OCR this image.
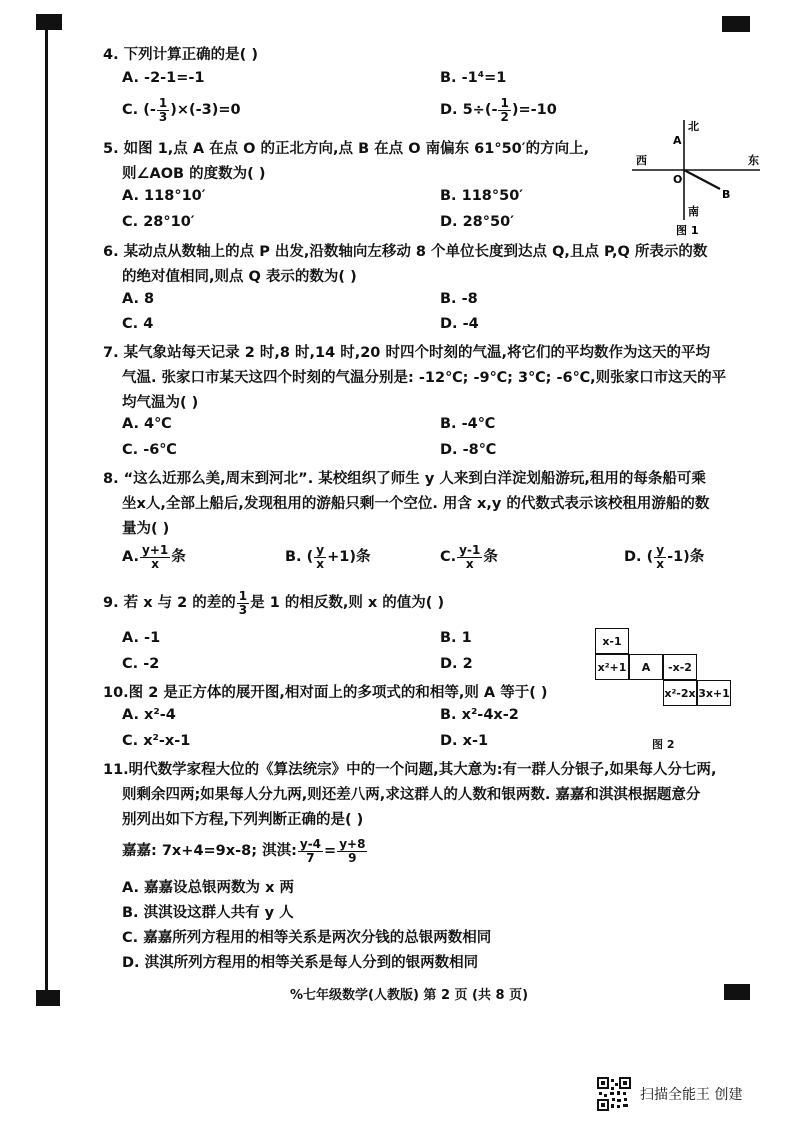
4. 下列计算正确的是( )
A. -2-1=-1	B. -1⁴=1
C. (- $\frac{1}{3} )\times(-3)=0$	D. $5\div(- \frac{1}{2} )=-10$
5. 如图 1,点 A 在点 O 的正北方向,点 B 在点 O 南偏东 61°50′的方向上,
则∠AOB 的度数为( )
A. 118°10′	B. 118°50′
C. 28°10′	D. 28°50′
北
南
西	东
A
O
B
图 1
6. 某动点从数轴上的点 P 出发,沿数轴向左移动 8 个单位长度到达点 Q,且点 P,Q 所表示的数
的绝对值相同,则点 Q 表示的数为( )
A. 8	B. -8
C. 4	D. -4
7. 某气象站每天记录 2 时,8 时,14 时,20 时四个时刻的气温,将它们的平均数作为这天的平均
气温. 张家口市某天这四个时刻的气温分别是: -12℃; -9℃; 3℃; -6℃,则张家口市这天的平
均气温为( )
A. 4℃	B. -4℃
C. -6℃	D. -8℃
8. “这么近那么美,周末到河北”. 某校组织了师生 y 人来到白洋淀划船游玩,租用的每条船可乘
坐x人,全部上船后,发现租用的游船只剩一个空位. 用含 x,y 的代数式表示该校租用游船的数
量为( )
A. $\frac{y+1}{x}$ 条	B. ( $\frac{y}{x} +1$)条	C. $\frac{y-1}{x}$ 条	D. ( $\frac{y}{x} -1$)条
9. 若 x 与 2 的差的 $\frac{1}{3}$ 是 1 的相反数,则 x 的值为( )
A. -1	B. 1
C. -2	D. 2
10.图 2 是正方体的展开图,相对面上的多项式的和相等,则 A 等于( )
A. x²-4	B. x²-4x-2
C. x²-x-1	D. x-1
x-1
x²+1	A	-x-2
x²-2x 3x+1
图 2
11.明代数学家程大位的《算法统宗》中的一个问题,其大意为:有一群人分银子,如果每人分七两,
则剩余四两;如果每人分九两,则还差八两,求这群人的人数和银两数. 嘉嘉和淇淇根据题意分
别列出如下方程,下列判断正确的是( )
嘉嘉: 7x+4=9x-8; 淇淇: $\frac{y-4}{7} = \frac{y+8}{9}$
A. 嘉嘉设总银两数为 x 两
B. 淇淇设这群人共有 y 人
C. 嘉嘉所列方程用的相等关系是两次分钱的总银两数相同
D. 淇淇所列方程用的相等关系是每人分到的银两数相同
%七年级数学(人教版) 第 2 页 (共 8 页)
扫描全能王 创建
